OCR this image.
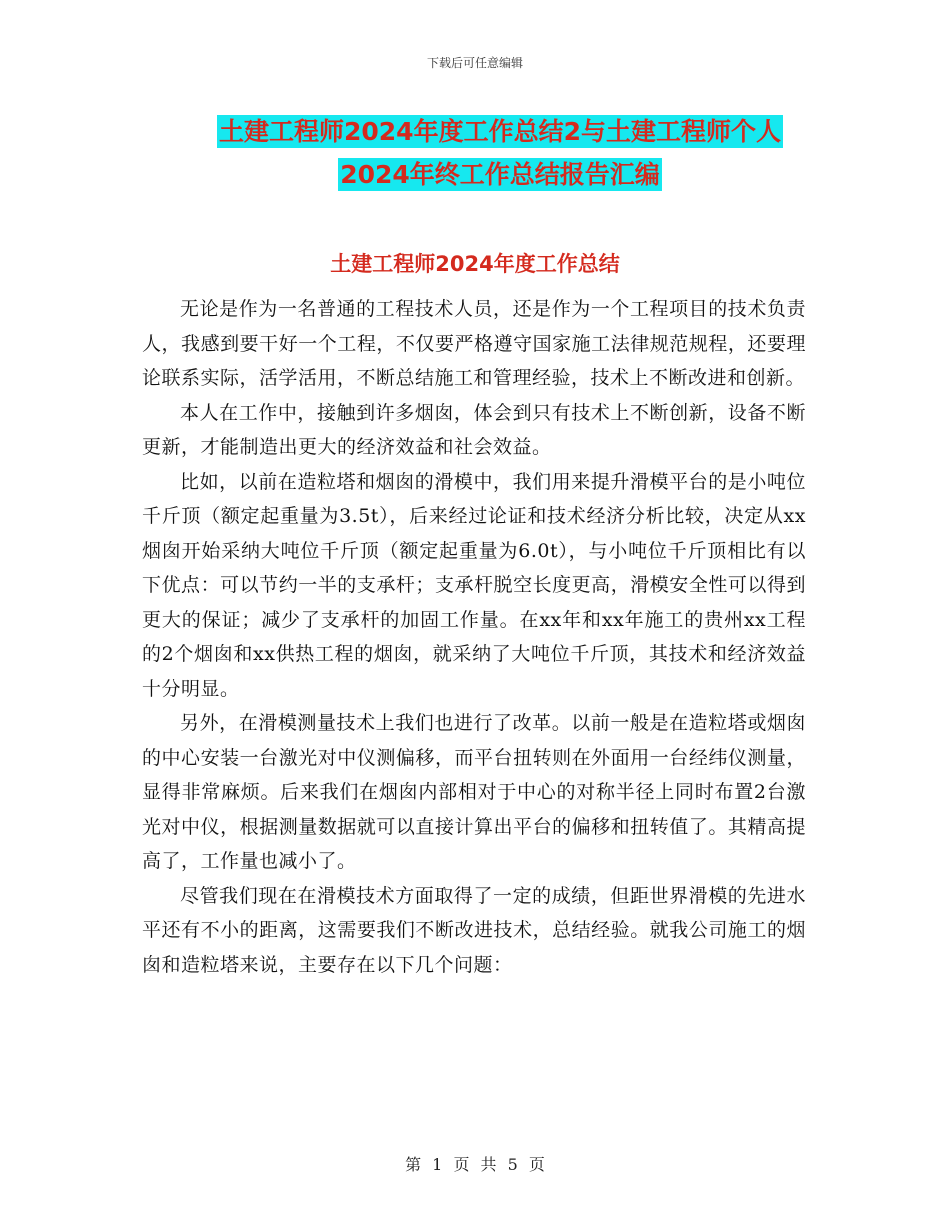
下载后可任意编辑
土建工程师2024年度工作总结2与土建工程师个人
2024年终工作总结报告汇编
土建工程师2024年度工作总结

无论是作为一名普通的工程技术人员，还是作为一个工程项目的技术负责人，我感到要干好一个工程，不仅要严格遵守国家施工法律规范规程，还要理论联系实际，活学活用，不断总结施工和管理经验，技术上不断改进和创新。

本人在工作中，接触到许多烟囱，体会到只有技术上不断创新，设备不断更新，才能制造出更大的经济效益和社会效益。

比如，以前在造粒塔和烟囱的滑模中，我们用来提升滑模平台的是小吨位千斤顶（额定起重量为3.5t），后来经过论证和技术经济分析比较，决定从xx烟囱开始采纳大吨位千斤顶（额定起重量为6.0t），与小吨位千斤顶相比有以下优点：可以节约一半的支承杆；支承杆脱空长度更高，滑模安全性可以得到更大的保证；减少了支承杆的加固工作量。在xx年和xx年施工的贵州xx工程的2个烟囱和xx供热工程的烟囱，就采纳了大吨位千斤顶，其技术和经济效益十分明显。

另外，在滑模测量技术上我们也进行了改革。以前一般是在造粒塔或烟囱的中心安装一台激光对中仪测偏移，而平台扭转则在外面用一台经纬仪测量，显得非常麻烦。后来我们在烟囱内部相对于中心的对称半径上同时布置2台激光对中仪，根据测量数据就可以直接计算出平台的偏移和扭转值了。其精高提高了，工作量也减小了。

尽管我们现在在滑模技术方面取得了一定的成绩，但距世界滑模的先进水平还有不小的距离，这需要我们不断改进技术，总结经验。就我公司施工的烟囱和造粒塔来说，主要存在以下几个问题：

第 1 页 共 5 页
